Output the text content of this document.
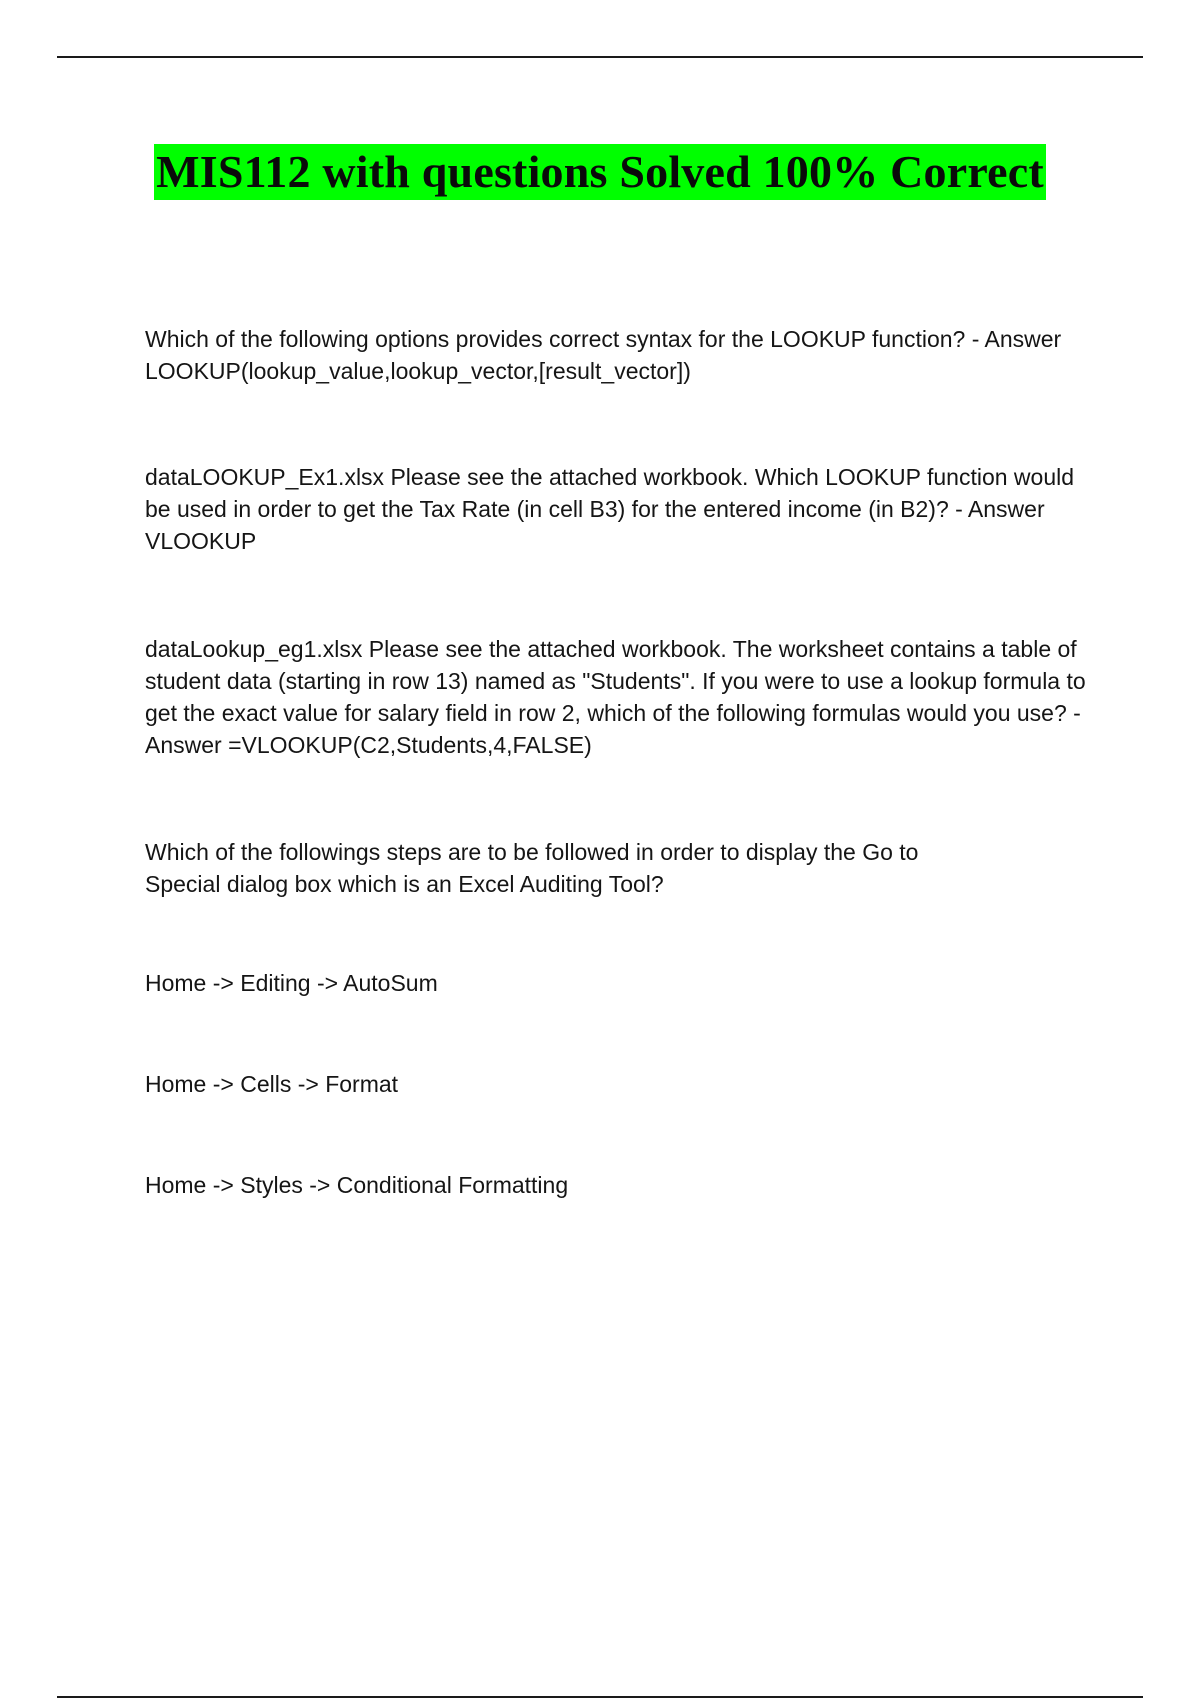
MIS112 with questions Solved 100% Correct

Which of the following options provides correct syntax for the LOOKUP function? - Answer LOOKUP(lookup_value,lookup_vector,[result_vector])

dataLOOKUP_Ex1.xlsx Please see the attached workbook. Which LOOKUP function would be used in order to get the Tax Rate (in cell B3) for the entered income (in B2)? - Answer VLOOKUP

dataLookup_eg1.xlsx Please see the attached workbook. The worksheet contains a table of student data (starting in row 13) named as "Students". If you were to use a lookup formula to get the exact value for salary field in row 2, which of the following formulas would you use? - Answer =VLOOKUP(C2,Students,4,FALSE)

Which of the followings steps are to be followed in order to display the Go to Special dialog box which is an Excel Auditing Tool?

Home -> Editing -> AutoSum

Home -> Cells -> Format

Home -> Styles -> Conditional Formatting
